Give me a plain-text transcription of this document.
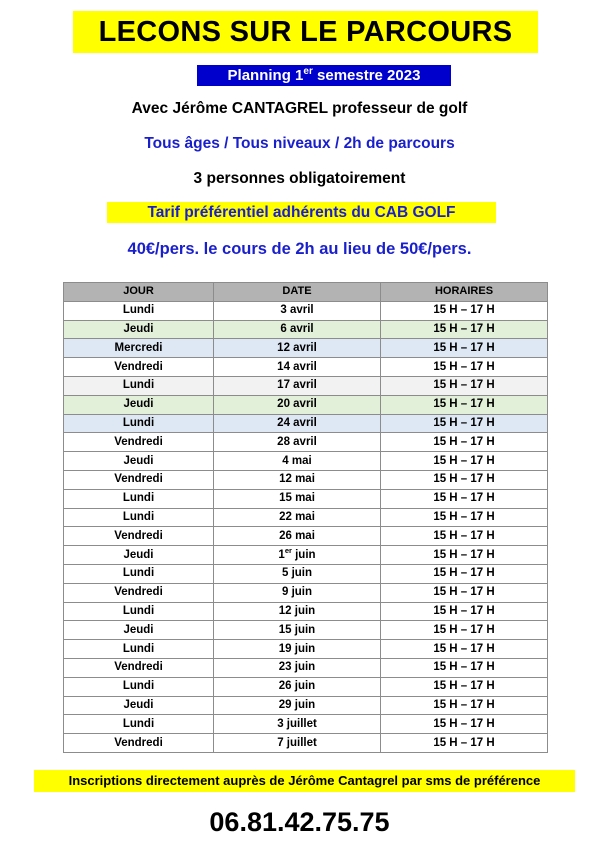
LECONS SUR LE PARCOURS
Planning 1er semestre 2023
Avec Jérôme CANTAGREL professeur de golf
Tous âges / Tous niveaux / 2h de parcours
3 personnes obligatoirement
Tarif préférentiel adhérents du CAB GOLF
40€/pers. le cours de 2h au lieu de 50€/pers.
JOUR	DATE	HORAIRES
Lundi	3 avril	15 H – 17 H
Jeudi	6 avril	15 H – 17 H
Mercredi	12 avril	15 H – 17 H
Vendredi	14 avril	15 H – 17 H
Lundi	17 avril	15 H – 17 H
Jeudi	20 avril	15 H – 17 H
Lundi	24 avril	15 H – 17 H
Vendredi	28 avril	15 H – 17 H
Jeudi	4 mai	15 H – 17 H
Vendredi	12 mai	15 H – 17 H
Lundi	15 mai	15 H – 17 H
Lundi	22 mai	15 H – 17 H
Vendredi	26 mai	15 H – 17 H
Jeudi	1er juin	15 H – 17 H
Lundi	5 juin	15 H – 17 H
Vendredi	9 juin	15 H – 17 H
Lundi	12 juin	15 H – 17 H
Jeudi	15 juin	15 H – 17 H
Lundi	19 juin	15 H – 17 H
Vendredi	23 juin	15 H – 17 H
Lundi	26 juin	15 H – 17 H
Jeudi	29 juin	15 H – 17 H
Lundi	3 juillet	15 H – 17 H
Vendredi	7 juillet	15 H – 17 H
Inscriptions directement auprès de Jérôme Cantagrel par sms de préférence
06.81.42.75.75
